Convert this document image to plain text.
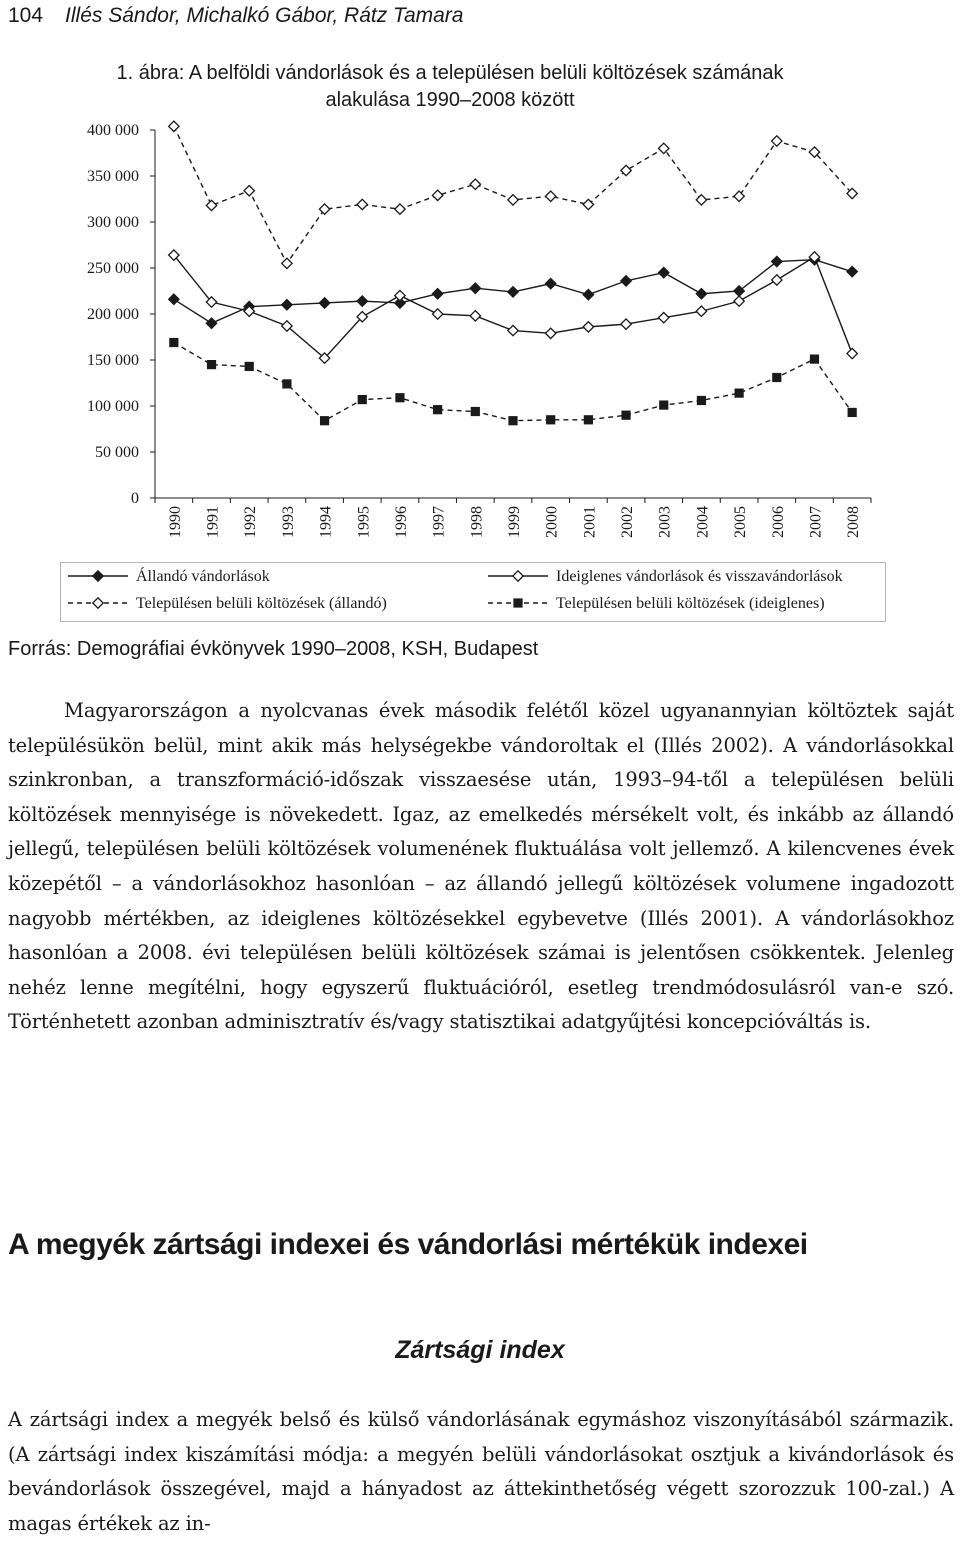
104 Illés Sándor, Michalkó Gábor, Rátz Tamara
1. ábra: A belföldi vándorlások és a településen belüli költözések számának
alakulása 1990–2008 között
0
50 000
100 000
150 000
200 000
250 000
300 000
350 000
400 000
1990 1991 1992 1993 1994 1995 1996 1997 1998 1999 2000 2001 2002 2003 2004 2005 2006 2007 2008
Állandó vándorlások	Ideiglenes vándorlások és visszavándorlások
Településen belüli költözések (állandó)	Településen belüli költözések (ideiglenes)
Forrás: Demográfiai évkönyvek 1990–2008, KSH, Budapest
Magyarországon a nyolcvanas évek második felétől közel ugyanannyian költöztek saját településükön belül, mint akik más helységekbe vándoroltak el (Illés 2002). A vándorlásokkal szinkronban, a transzformáció-időszak visszaesése után, 1993–94-től a településen belüli költözések mennyisége is növekedett. Igaz, az emelkedés mérsékelt volt, és inkább az állandó jellegű, településen belüli költözések volumenének fluktuálása volt jellemző. A kilencvenes évek közepétől – a vándorlásokhoz hasonlóan – az állandó jellegű költözések volumene ingadozott nagyobb mértékben, az ideiglenes költözésekkel egybevetve (Illés 2001). A vándorlásokhoz hasonlóan a 2008. évi településen belüli költözések számai is jelentősen csökkentek. Jelenleg nehéz lenne megítélni, hogy egyszerű fluktuációról, esetleg trendmódosulásról van-e szó. Történhetett azonban adminisztratív és/vagy statisztikai adatgyűjtési koncepcióváltás is.
A megyék zártsági indexei és vándorlási mértékük indexei
Zártsági index
A zártsági index a megyék belső és külső vándorlásának egymáshoz viszonyításából származik. (A zártsági index kiszámítási módja: a megyén belüli vándorlásokat osztjuk a kivándorlások és bevándorlások összegével, majd a hányadost az áttekinthetőség végett szorozzuk 100-zal.) A magas értékek az in-
